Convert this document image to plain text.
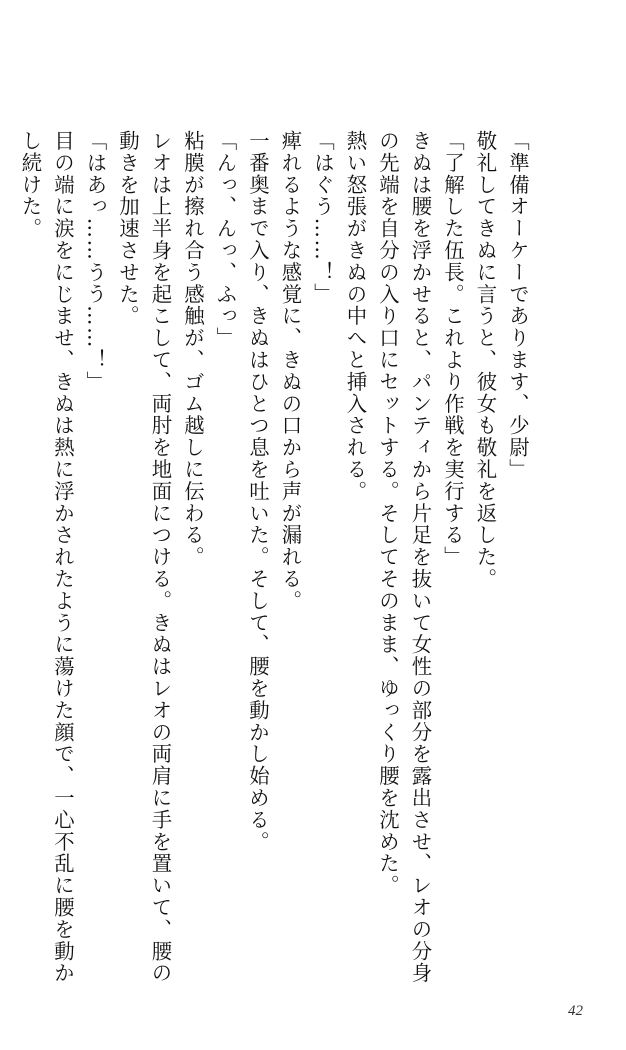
「準備オーケーであります、少尉」

敬礼してきぬに言うと、彼女も敬礼を返した。

「了解した伍長。これより作戦を実行する」

きぬは腰を浮かせると、パンティから片足を抜いて女性の部分を露出させ、レオの分身

の先端を自分の入り口にセットする。そしてそのまま、ゆっくり腰を沈めた。

熱い怒張がきぬの中へと挿入される。

「はぐう……！」

痺れるような感覚に、きぬの口から声が漏れる。

一番奥まで入り、きぬはひとつ息を吐いた。そして、腰を動かし始める。

「んっ、んっ、ふっ」

粘膜が擦れ合う感触が、ゴム越しに伝わる。

レオは上半身を起こして、両肘を地面につける。きぬはレオの両肩に手を置いて、腰の

動きを加速させた。

「はあっ……うう……！」

目の端に涙をにじませ、きぬは熱に浮かされたように蕩けた顔で、一心不乱に腰を動か

し続けた。

42
